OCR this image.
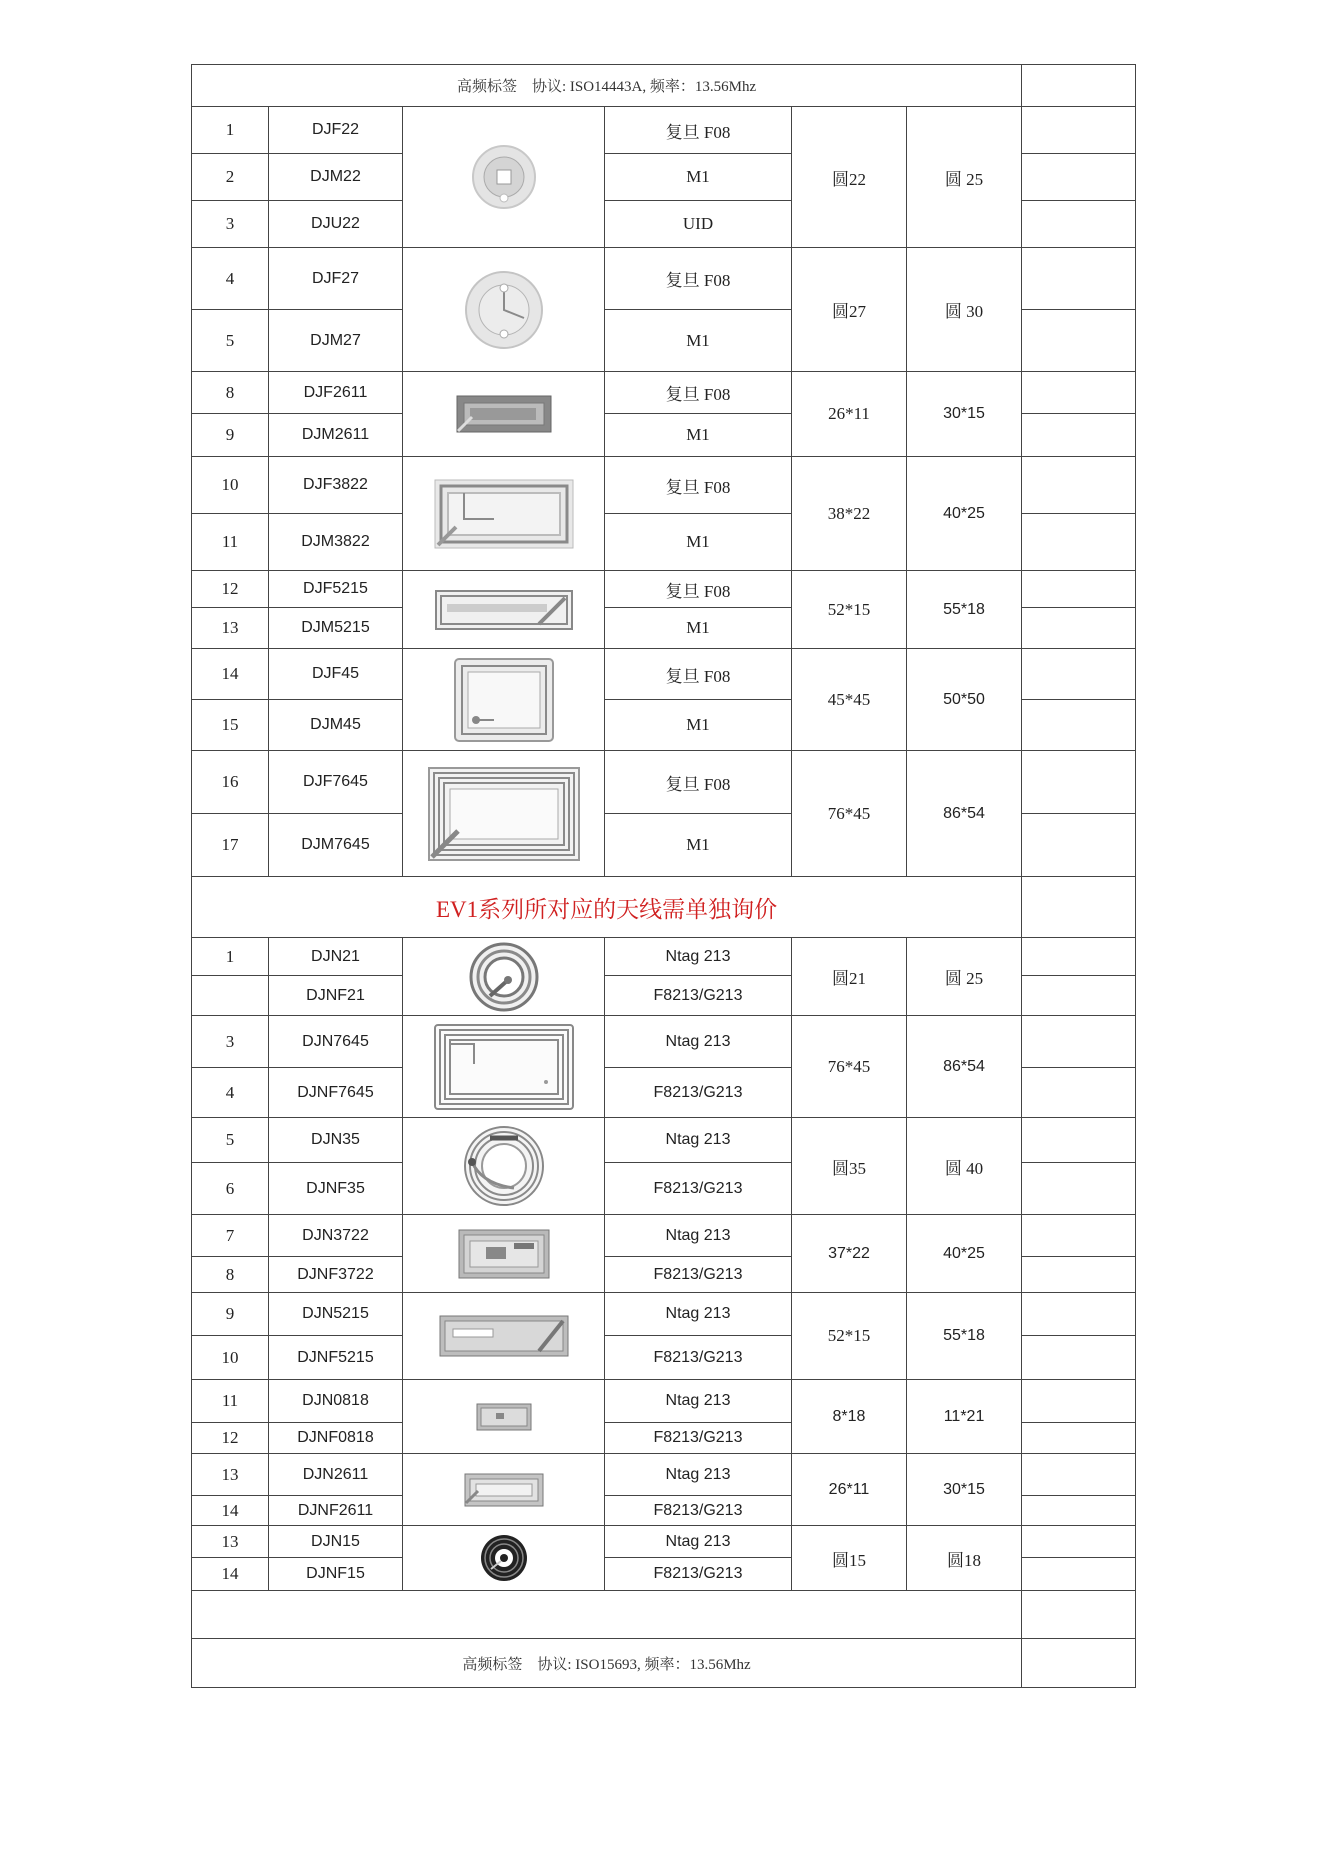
高频标签　协议: ISO14443A, 频率：13.56Mhz						
1	DJF22		复旦 F08	圆22	圆 25	
2	DJM22		M1			
3	DJU22		UID			
4	DJF27		复旦 F08	圆27	圆 30	
5	DJM27		M1			
8	DJF2611		复旦 F08	26*11	30*15	
9	DJM2611		M1			
10	DJF3822		复旦 F08	38*22	40*25	
11	DJM3822		M1			
12	DJF5215		复旦 F08	52*15	55*18	
13	DJM5215		M1			
14	DJF45		复旦 F08	45*45	50*50	
15	DJM45		M1			
16	DJF7645		复旦 F08	76*45	86*54	
17	DJM7645		M1			
EV1系列所对应的天线需单独询价						
1	DJN21		Ntag 213	圆21	圆 25	
	DJNF21		F8213/G213			
3	DJN7645		Ntag 213	76*45	86*54	
4	DJNF7645		F8213/G213			
5	DJN35		Ntag 213	圆35	圆 40	
6	DJNF35		F8213/G213			
7	DJN3722		Ntag 213	37*22	40*25	
8	DJNF3722		F8213/G213			
9	DJN5215		Ntag 213	52*15	55*18	
10	DJNF5215		F8213/G213			
11	DJN0818		Ntag 213	8*18	11*21	
12	DJNF0818		F8213/G213			
13	DJN2611		Ntag 213	26*11	30*15	
14	DJNF2611		F8213/G213			
13	DJN15		Ntag 213	圆15	圆18	
14	DJNF15		F8213/G213			

高频标签　协议: ISO15693, 频率：13.56Mhz						
